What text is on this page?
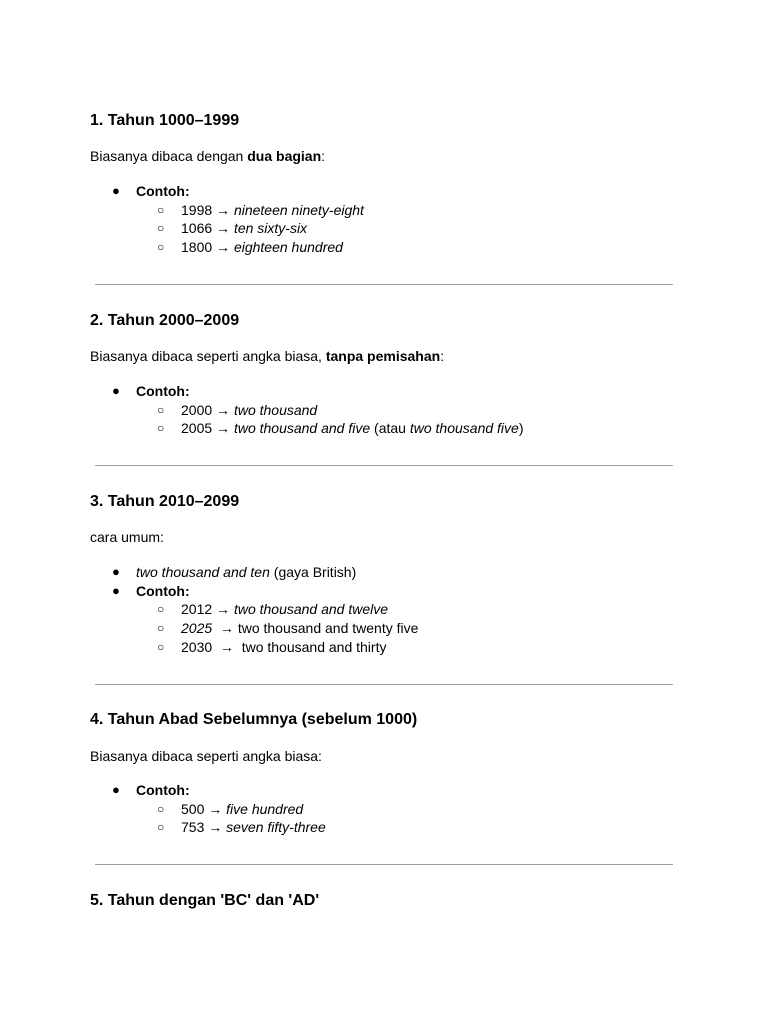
1. Tahun 1000–1999

Biasanya dibaca dengan dua bagian:

● Contoh:
○ 1998 → nineteen ninety-eight
○ 1066 → ten sixty-six
○ 1800 → eighteen hundred
2. Tahun 2000–2009

Biasanya dibaca seperti angka biasa, tanpa pemisahan:

● Contoh:
○ 2000 → two thousand
○ 2005 → two thousand and five (atau two thousand five)
3. Tahun 2010–2099

cara umum:

● two thousand and ten (gaya British)
● Contoh:
○ 2012 → two thousand and twelve
○ 2025  → two thousand and twenty five
○ 2030  →  two thousand and thirty
4. Tahun Abad Sebelumnya (sebelum 1000)

Biasanya dibaca seperti angka biasa:

● Contoh:
○ 500 → five hundred
○ 753 → seven fifty-three
5. Tahun dengan 'BC' dan 'AD'
